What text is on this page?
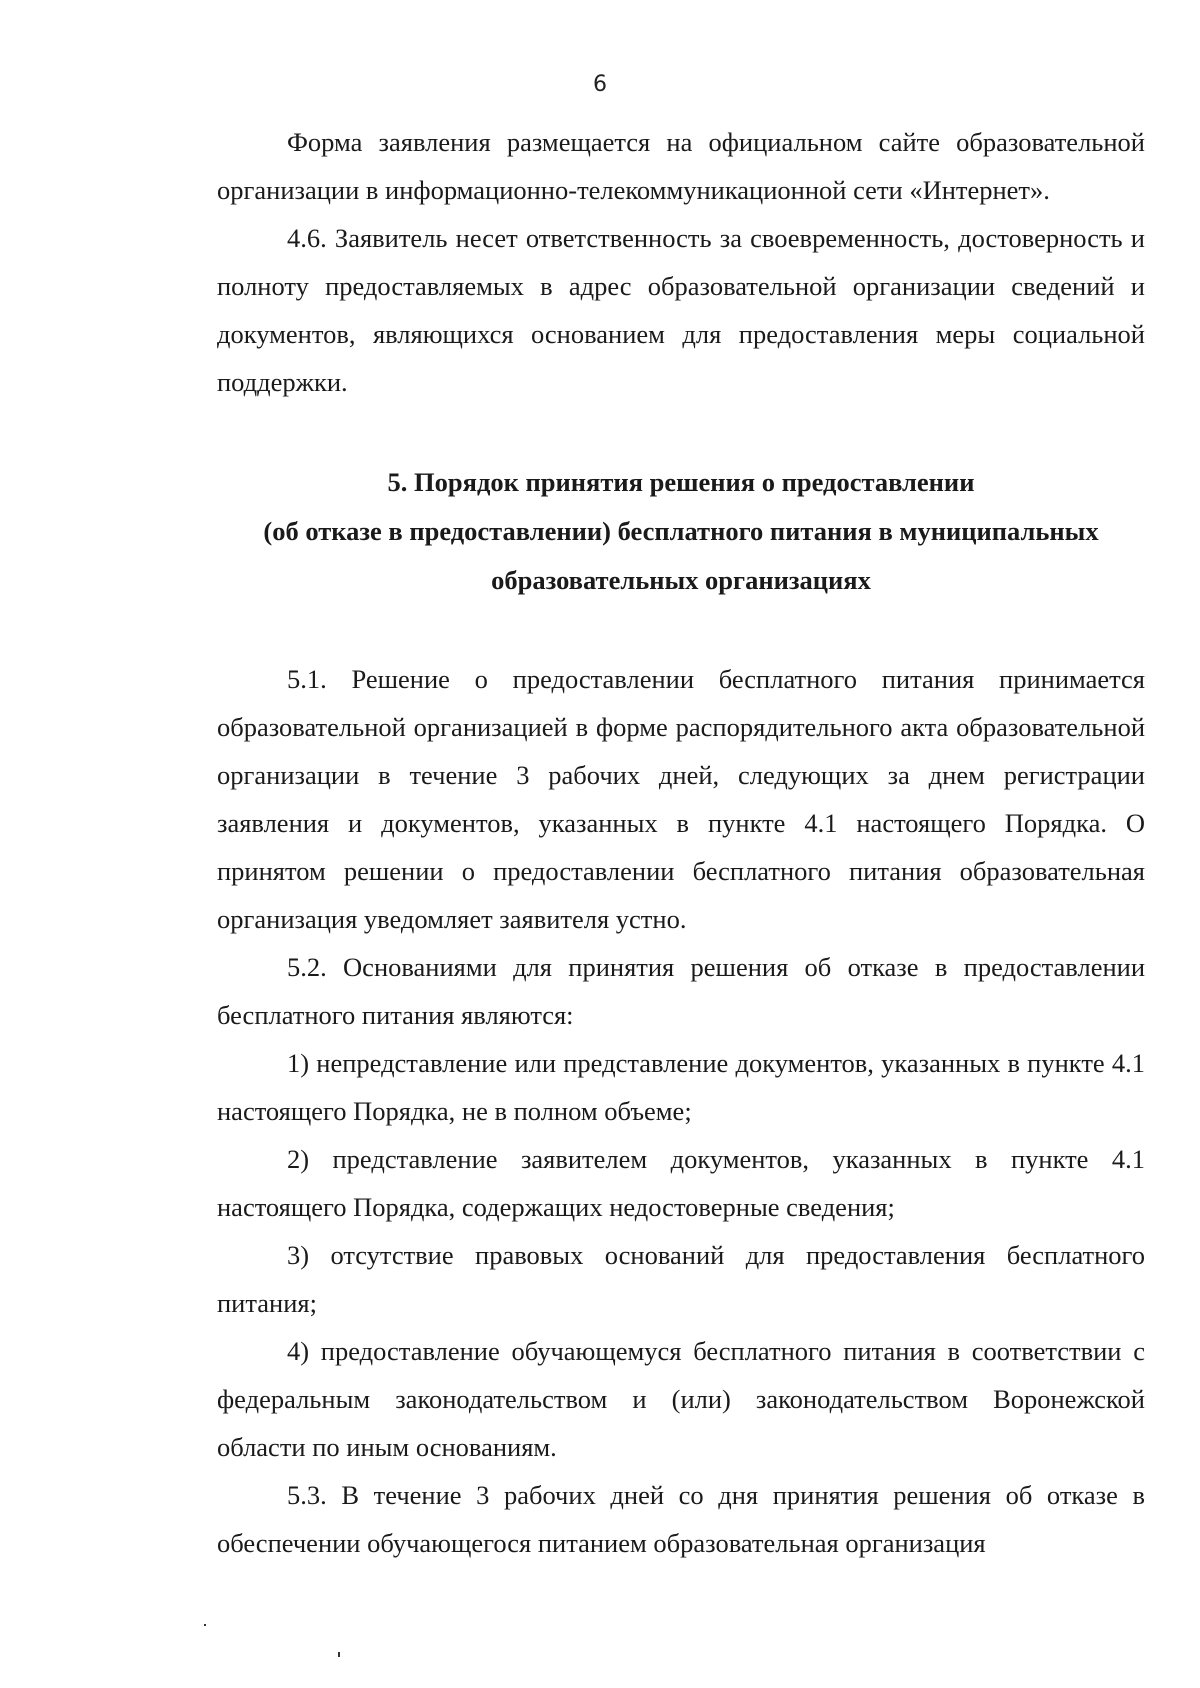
6

Форма заявления размещается на официальном сайте образовательной организации в информационно-телекоммуникационной сети «Интернет».

4.6. Заявитель несет ответственность за своевременность, достоверность и полноту предоставляемых в адрес образовательной организации сведений и документов, являющихся основанием для предоставления меры социальной поддержки.

5. Порядок принятия решения о предоставлении
(об отказе в предоставлении) бесплатного питания в муниципальных
образовательных организациях

5.1. Решение о предоставлении бесплатного питания принимается образовательной организацией в форме распорядительного акта образовательной организации в течение 3 рабочих дней, следующих за днем регистрации заявления и документов, указанных в пункте 4.1 настоящего Порядка. О принятом решении о предоставлении бесплатного питания образовательная организация уведомляет заявителя устно.

5.2. Основаниями для принятия решения об отказе в предоставлении бесплатного питания являются:

1) непредставление или представление документов, указанных в пункте 4.1 настоящего Порядка, не в полном объеме;

2) представление заявителем документов, указанных в пункте 4.1 настоящего Порядка, содержащих недостоверные сведения;

3) отсутствие правовых оснований для предоставления бесплатного питания;

4) предоставление обучающемуся бесплатного питания в соответствии с федеральным законодательством и (или) законодательством Воронежской области по иным основаниям.

5.3. В течение 3 рабочих дней со дня принятия решения об отказе в обеспечении обучающегося питанием образовательная организация
